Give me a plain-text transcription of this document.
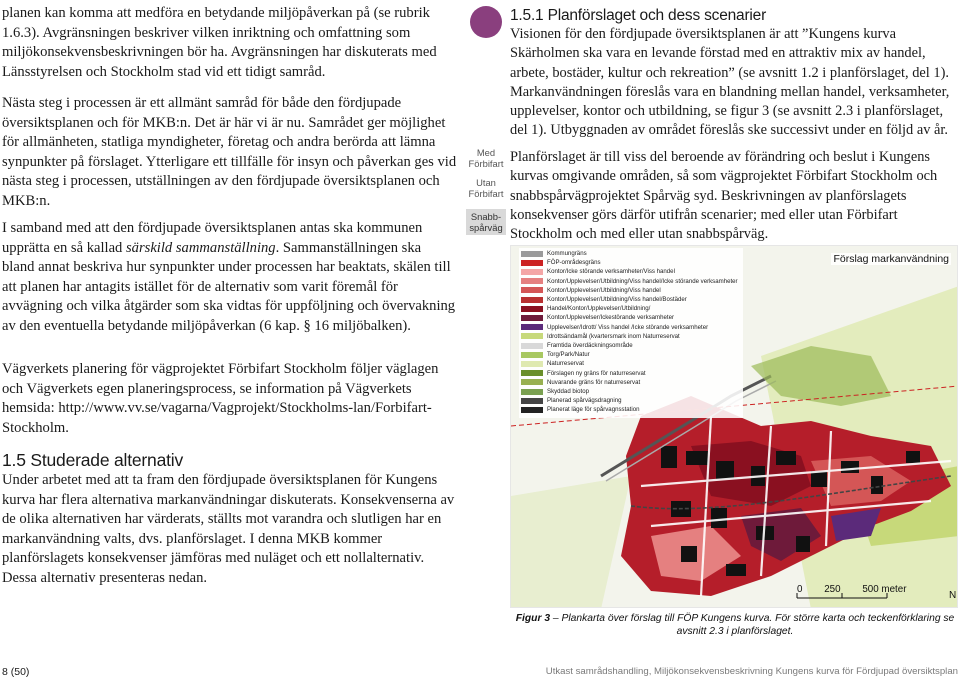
planen kan komma att medföra en betydande miljöpåverkan på (se rubrik 1.6.3). Avgränsningen beskriver vilken inriktning och omfattning som miljökonsekvensbeskrivningen bör ha. Avgränsningen har diskuterats med Länsstyrelsen och Stockholm stad vid ett tidigt samråd.

Nästa steg i processen är ett allmänt samråd för både den fördjupade översiktsplanen och för MKB:n. Det är här vi är nu. Samrådet ger möjlighet för allmänheten, statliga myndigheter, företag och andra berörda att lämna synpunkter på förslaget. Ytterligare ett tillfälle för insyn och påverkan ges vid nästa steg i processen, utställningen av den fördjupade översiktsplanen och MKB:n.

I samband med att den fördjupade översiktsplanen antas ska kommunen upprätta en så kallad särskild sammanställning. Sammanställningen ska bland annat beskriva hur synpunkter under processen har beaktats, skälen till att planen har antagits istället för de alternativ som varit föremål för avvägning och vilka åtgärder som ska vidtas för uppföljning och övervakning av den eventuella betydande miljöpåverkan (6 kap. § 16 miljöbalken).

Vägverkets planering för vägprojektet Förbifart Stockholm följer väglagen och Vägverkets egen planeringsprocess, se information på Vägverkets hemsida: http://www.vv.se/vagarna/Vagprojekt/Stockholms-lan/Forbifart-Stockholm.

1.5 Studerade alternativ

Under arbetet med att ta fram den fördjupade översiktsplanen för Kungens kurva har flera alternativa markanvändningar diskuterats. Konsekvenserna av de olika alternativen har värderats, ställts mot varandra och slutligen har en markanvändning valts, dvs. planförslaget. I denna MKB kommer planförslagets konsekvenser jämföras med nuläget och ett nollalternativ. Dessa alternativ presenteras nedan.

Med Förbifart
Utan Förbifart
Snabb-spårväg
1.5.1 Planförslaget och dess scenarier

Visionen för den fördjupade översiktsplanen är att ”Kungens kurva Skärholmen ska vara en levande förstad med en attraktiv mix av handel, arbete, bostäder, kultur och rekreation” (se avsnitt 1.2 i planförslaget, del 1). Markanvändningen föreslås vara en blandning mellan handel, verksamheter, upplevelser, kontor och utbildning, se figur 3 (se avsnitt 2.3 i planförslaget, del 1). Utbyggnaden av området föreslås ske successivt under en följd av år.

Planförslaget är till viss del beroende av förändring och beslut i Kungens kurvas omgivande områden, så som vägprojektet Förbifart Stockholm och snabbspårvägprojektet Spårväg syd. Beskrivningen av planförslagets konsekvenser görs därför utifrån scenarier; med eller utan Förbifart Stockholm och med eller utan snabbspårväg.

N
Kommungräns
FÖP-områdesgräns
Kontor/Icke störande verksamheter/Viss handel
Kontor/Upplevelser/Utbildning/Viss handel/Icke störande verksamheter
Kontor/Upplevelser/Utbildning/Viss handel
Kontor/Upplevelser/Utbildning/Viss handel/Bostäder
Handel/Kontor/Upplevelser/Utbildning/
Kontor/Upplevelser/Ickestörande verksamheter
Upplevelser/Idrott/ Viss handel /Icke störande verksamheter
Idrottsändamål (kvartersmark inom Naturreservat
Framtida överdäckningsområde
Torg/Park/Natur
Naturreservat
Förslagen ny gräns för naturreservat
Nuvarande gräns för naturreservat
Skyddad biotop
Planerad spårvägsdragning
Planerat läge för spårvagnsstation
Förslag markanvändning
0        250        500 meter
Figur 3 – Plankarta över förslag till FÖP Kungens kurva. För större karta och teckenförklaring se avsnitt 2.3 i planförslaget.
8 (50)	Utkast samrådshandling, Miljökonsekvensbeskrivning Kungens kurva för Fördjupad översiktsplan
